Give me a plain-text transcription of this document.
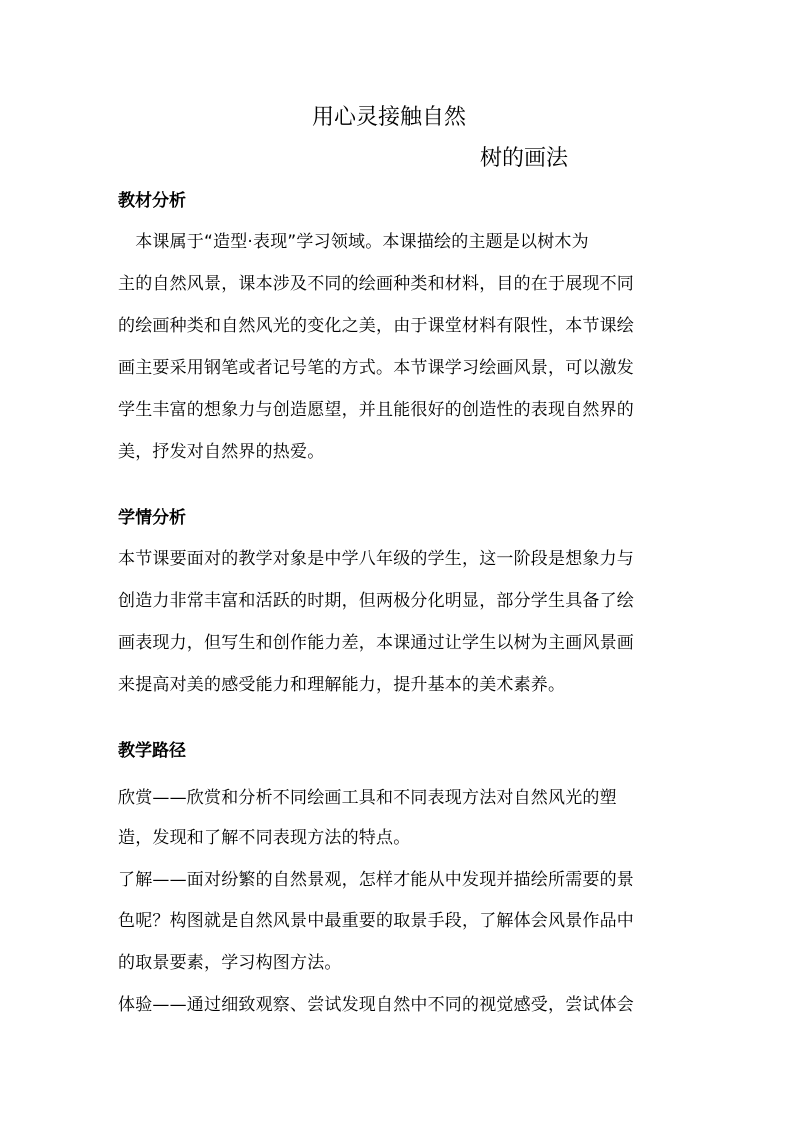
用心灵接触自然
树的画法
教材分析
　本课属于“造型·表现”学习领域。本课描绘的主题是以树木为
主的自然风景，课本涉及不同的绘画种类和材料，目的在于展现不同
的绘画种类和自然风光的变化之美，由于课堂材料有限性，本节课绘
画主要采用钢笔或者记号笔的方式。本节课学习绘画风景，可以激发
学生丰富的想象力与创造愿望，并且能很好的创造性的表现自然界的
美，抒发对自然界的热爱。
学情分析
本节课要面对的教学对象是中学八年级的学生，这一阶段是想象力与
创造力非常丰富和活跃的时期，但两极分化明显，部分学生具备了绘
画表现力，但写生和创作能力差，本课通过让学生以树为主画风景画
来提高对美的感受能力和理解能力，提升基本的美术素养。
教学路径
欣赏——欣赏和分析不同绘画工具和不同表现方法对自然风光的塑
造，发现和了解不同表现方法的特点。
了解——面对纷繁的自然景观，怎样才能从中发现并描绘所需要的景
色呢？构图就是自然风景中最重要的取景手段，了解体会风景作品中
的取景要素，学习构图方法。
体验——通过细致观察、尝试发现自然中不同的视觉感受，尝试体会
